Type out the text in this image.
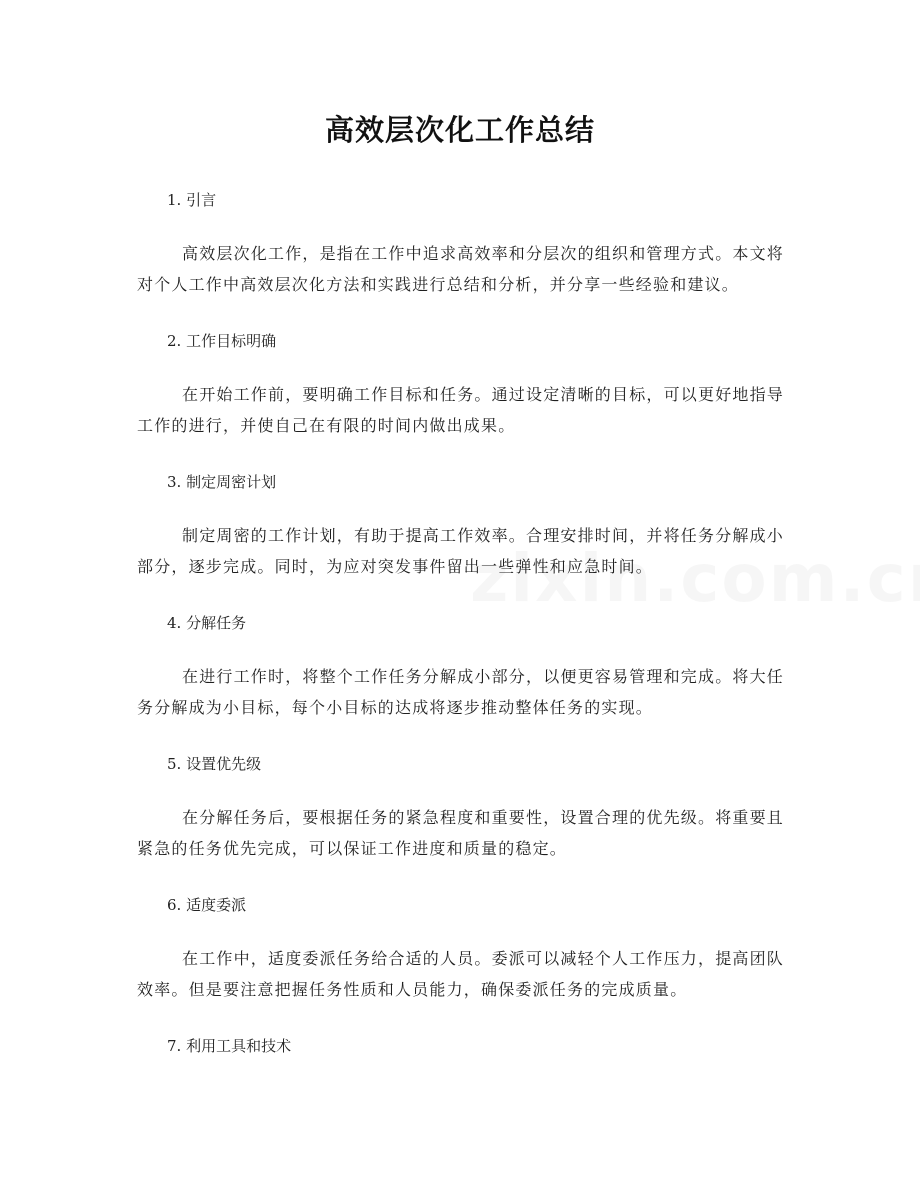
高效层次化工作总结

1. 引言

高效层次化工作，是指在工作中追求高效率和分层次的组织和管理方式。本文将对个人工作中高效层次化方法和实践进行总结和分析，并分享一些经验和建议。

2. 工作目标明确

在开始工作前，要明确工作目标和任务。通过设定清晰的目标，可以更好地指导工作的进行，并使自己在有限的时间内做出成果。

3. 制定周密计划

制定周密的工作计划，有助于提高工作效率。合理安排时间，并将任务分解成小部分，逐步完成。同时，为应对突发事件留出一些弹性和应急时间。

4. 分解任务

在进行工作时，将整个工作任务分解成小部分，以便更容易管理和完成。将大任务分解成为小目标，每个小目标的达成将逐步推动整体任务的实现。

5. 设置优先级

在分解任务后，要根据任务的紧急程度和重要性，设置合理的优先级。将重要且紧急的任务优先完成，可以保证工作进度和质量的稳定。

6. 适度委派

在工作中，适度委派任务给合适的人员。委派可以减轻个人工作压力，提高团队效率。但是要注意把握任务性质和人员能力，确保委派任务的完成质量。

7. 利用工具和技术
